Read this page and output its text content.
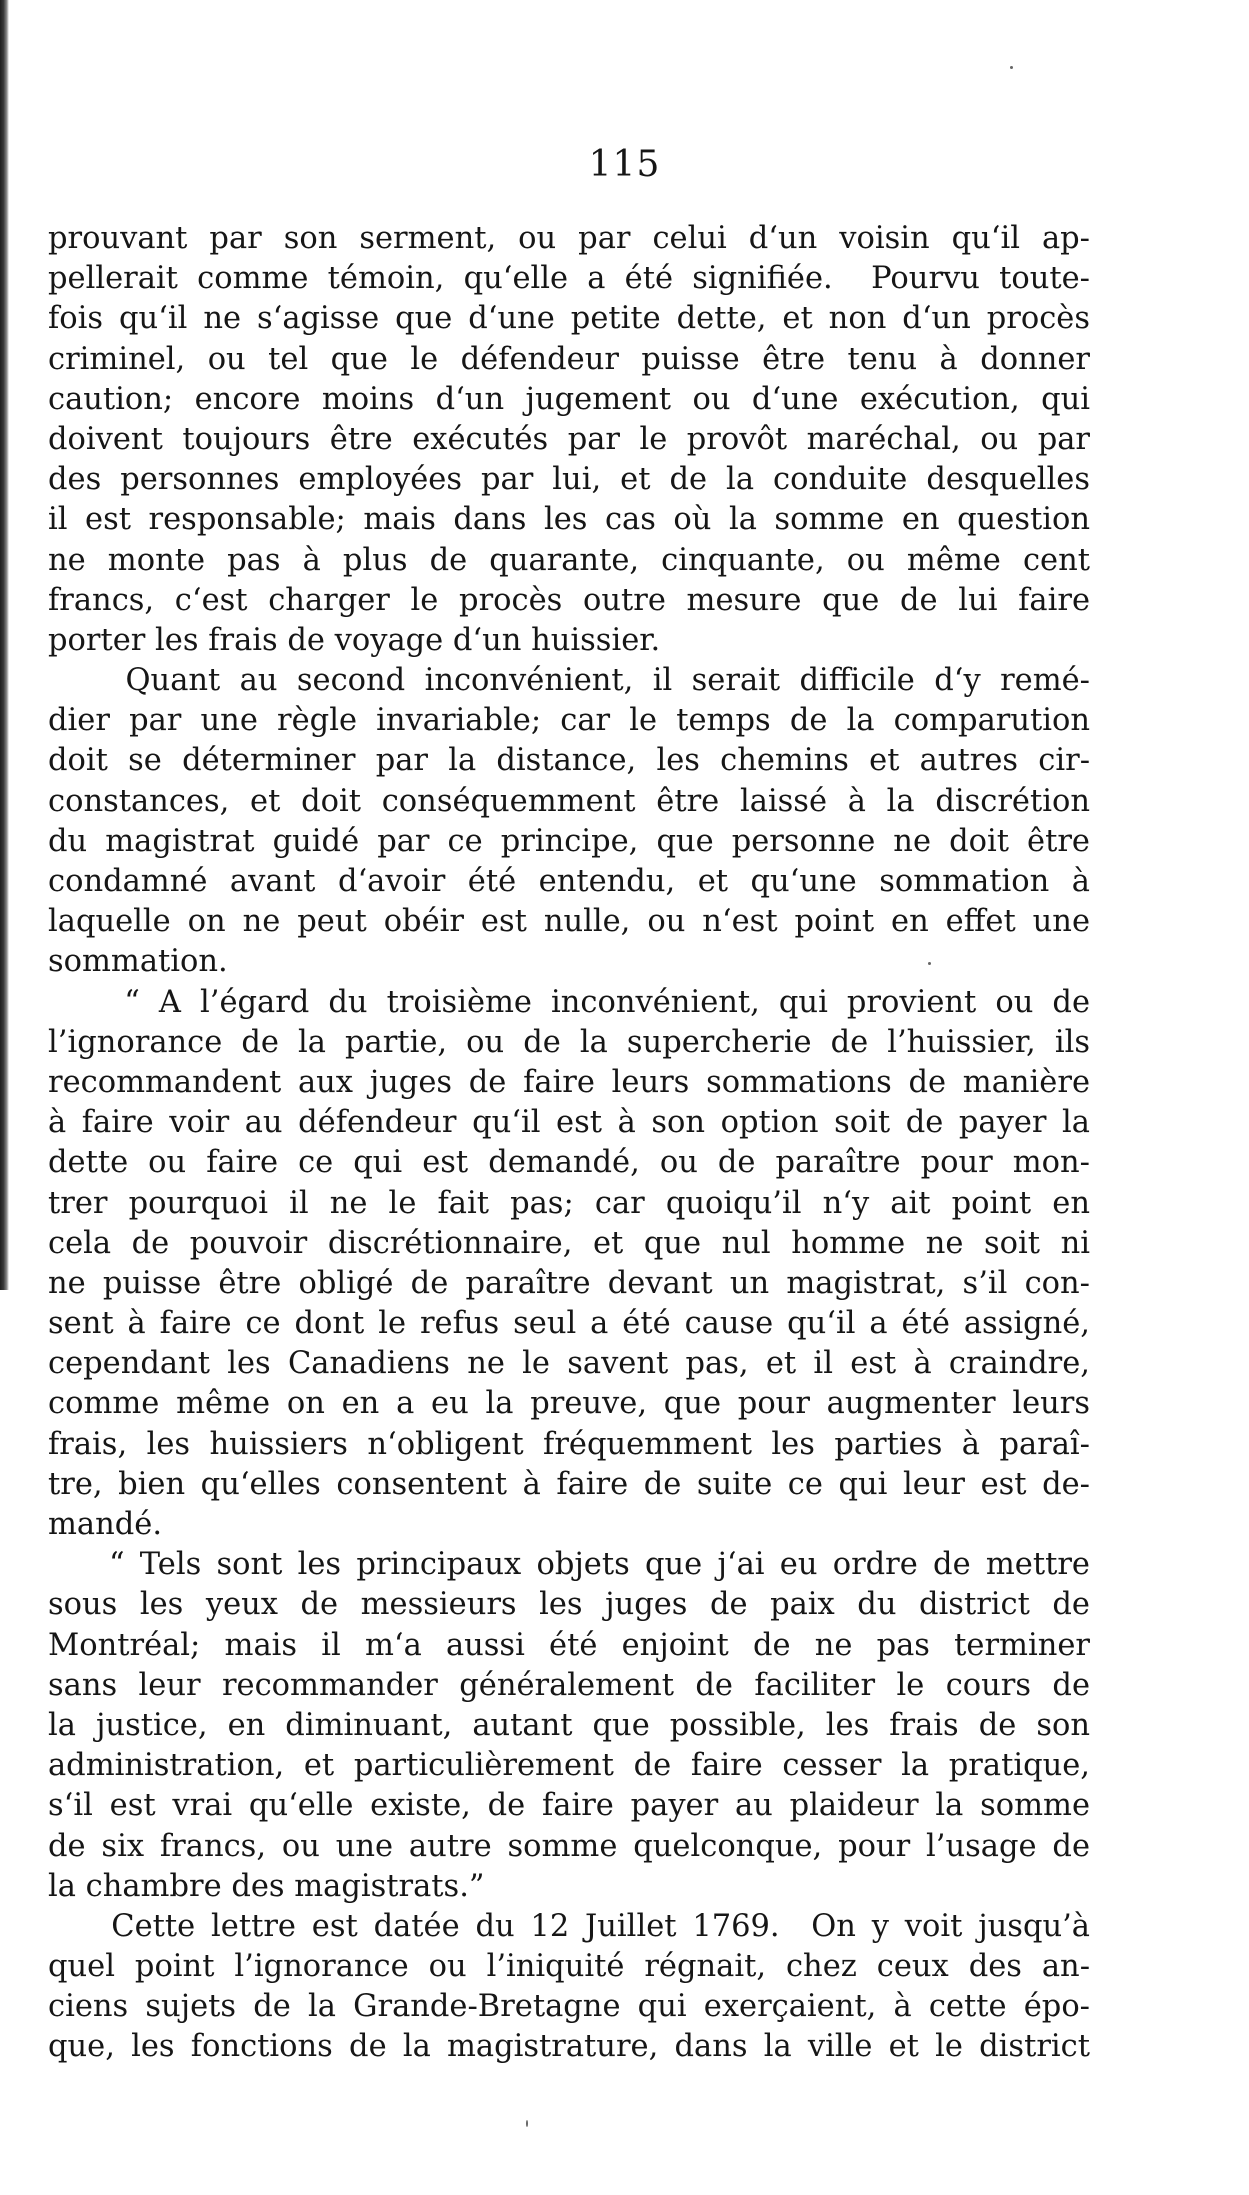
115
prouvant par son serment, ou par celui d‘un voisin qu‘il ap-
pellerait comme témoin, qu‘elle a été signifiée.  Pourvu toute-
fois qu‘il ne s‘agisse que d‘une petite dette, et non d‘un procès
criminel, ou tel que le défendeur puisse être tenu à donner
caution; encore moins d‘un jugement ou d‘une exécution, qui
doivent toujours être exécutés par le provôt maréchal, ou par
des personnes employées par lui, et de la conduite desquelles
il est responsable; mais dans les cas où la somme en question
ne monte pas à plus de quarante, cinquante, ou même cent
francs, c‘est charger le procès outre mesure que de lui faire
porter les frais de voyage d‘un huissier.
Quant au second inconvénient, il serait difficile d‘y remé-
dier par une règle invariable; car le temps de la comparution
doit se déterminer par la distance, les chemins et autres cir-
constances, et doit conséquemment être laissé à la discrétion
du magistrat guidé par ce principe, que personne ne doit être
condamné avant d‘avoir été entendu, et qu‘une sommation à
laquelle on ne peut obéir est nulle, ou n‘est point en effet une
sommation.
“ A l’égard du troisième inconvénient, qui provient ou de
l’ignorance de la partie, ou de la supercherie de l’huissier, ils
recommandent aux juges de faire leurs sommations de manière
à faire voir au défendeur qu‘il est à son option soit de payer la
dette ou faire ce qui est demandé, ou de paraître pour mon-
trer pourquoi il ne le fait pas; car quoiqu’il n‘y ait point en
cela de pouvoir discrétionnaire, et que nul homme ne soit ni
ne puisse être obligé de paraître devant un magistrat, s’il con-
sent à faire ce dont le refus seul a été cause qu‘il a été assigné,
cependant les Canadiens ne le savent pas, et il est à craindre,
comme même on en a eu la preuve, que pour augmenter leurs
frais, les huissiers n‘obligent fréquemment les parties à paraî-
tre, bien qu‘elles consentent à faire de suite ce qui leur est de-
mandé.
“ Tels sont les principaux objets que j‘ai eu ordre de mettre
sous les yeux de messieurs les juges de paix du district de
Montréal; mais il m‘a aussi été enjoint de ne pas terminer
sans leur recommander généralement de faciliter le cours de
la justice, en diminuant, autant que possible, les frais de son
administration, et particulièrement de faire cesser la pratique,
s‘il est vrai qu‘elle existe, de faire payer au plaideur la somme
de six francs, ou une autre somme quelconque, pour l’usage de
la chambre des magistrats.”
Cette lettre est datée du 12 Juillet 1769.  On y voit jusqu’à
quel point l’ignorance ou l’iniquité régnait, chez ceux des an-
ciens sujets de la Grande-Bretagne qui exerçaient, à cette épo-
que, les fonctions de la magistrature, dans la ville et le district
